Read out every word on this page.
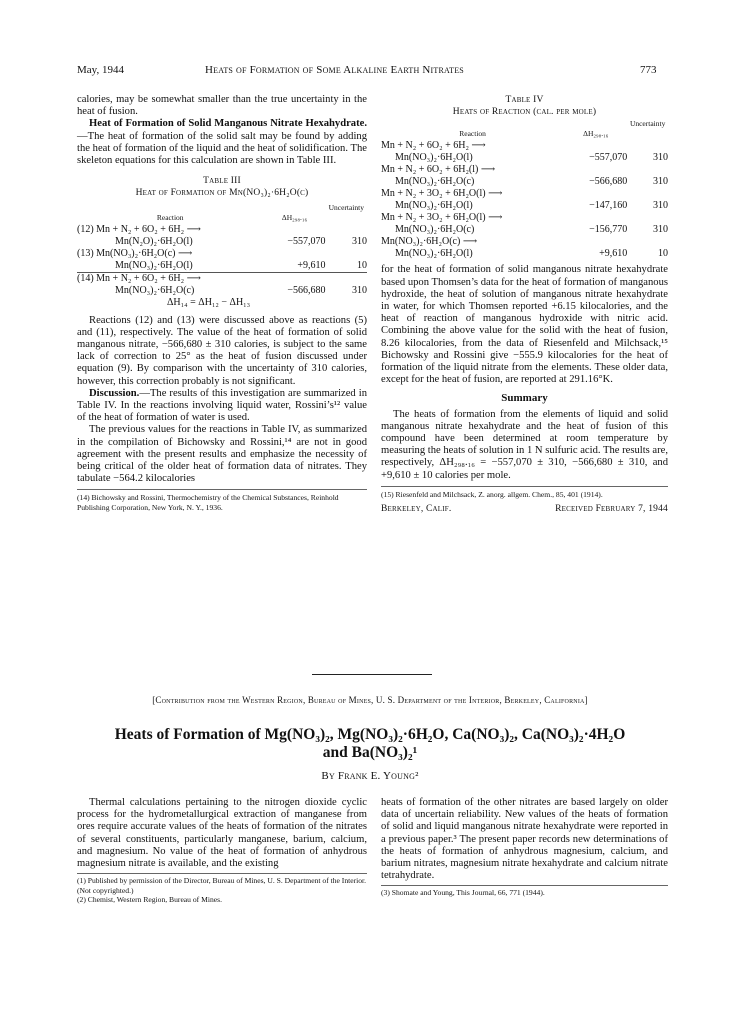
May, 1944	Heats of Formation of Some Alkaline Earth Nitrates	773

calories, may be somewhat smaller than the true uncertainty in the heat of fusion.

Heat of Formation of Solid Manganous Nitrate Hexahydrate.—The heat of formation of the solid salt may be found by adding the heat of formation of the liquid and the heat of solidification. The skeleton equations for this calculation are shown in Table III.

Table III
Heat of Formation of Mn(NO₃)₂·6H₂O(c)
Reaction	ΔH₂₉₈.₁₆	Uncertainty
(12) Mn + N₂ + 6O₂ + 6H₂ ⟶		
Mn(N₂O)₂·6H₂O(l)	−557,070	310
(13) Mn(NO₃)₂·6H₂O(c) ⟶		
Mn(NO₃)₂·6H₂O(l)	+9,610	10
(14) Mn + N₂ + 6O₂ + 6H₂ ⟶		
Mn(NO₃)₂·6H₂O(c)	−566,680	310
ΔH₁₄ = ΔH₁₂ − ΔH₁₃		

Reactions (12) and (13) were discussed above as reactions (5) and (11), respectively. The value of the heat of formation of solid manganous nitrate, −566,680 ± 310 calories, is subject to the same lack of correction to 25° as the heat of fusion discussed under equation (9). By comparison with the uncertainty of 310 calories, however, this correction probably is not significant.

Discussion.—The results of this investigation are summarized in Table IV. In the reactions involving liquid water, Rossini’s¹² value of the heat of formation of water is used.

The previous values for the reactions in Table IV, as summarized in the compilation of Bichowsky and Rossini,¹⁴ are not in good agreement with the present results and emphasize the necessity of being critical of the older heat of formation data of nitrates. They tabulate −564.2 kilocalories

(14) Bichowsky and Rossini, Thermochemistry of the Chemical Substances, Reinhold Publishing Corporation, New York, N. Y., 1936.

Table IV
Heats of Reaction (cal. per mole)
Reaction	ΔH₂₉₈.₁₆	Uncertainty
Mn + N₂ + 6O₂ + 6H₂ ⟶		
Mn(NO₃)₂·6H₂O(l)	−557,070	310
Mn + N₂ + 6O₂ + 6H₂(l) ⟶		
Mn(NO₃)₂·6H₂O(c)	−566,680	310
Mn + N₂ + 3O₂ + 6H₂O(l) ⟶		
Mn(NO₃)₂·6H₂O(l)	−147,160	310
Mn + N₂ + 3O₂ + 6H₂O(l) ⟶		
Mn(NO₃)₂·6H₂O(c)	−156,770	310
Mn(NO₃)₂·6H₂O(c) ⟶		
Mn(NO₃)₂·6H₂O(l)	+9,610	10

for the heat of formation of solid manganous nitrate hexahydrate based upon Thomsen’s data for the heat of formation of manganous hydroxide, the heat of solution of manganous nitrate hexahydrate in water, for which Thomsen reported +6.15 kilocalories, and the heat of reaction of manganous hydroxide with nitric acid. Combining the above value for the solid with the heat of fusion, 8.26 kilocalories, from the data of Riesenfeld and Milchsack,¹⁵ Bichowsky and Rossini give −555.9 kilocalories for the heat of formation of the liquid nitrate from the elements. These older data, except for the heat of fusion, are reported at 291.16°K.

Summary

The heats of formation from the elements of liquid and solid manganous nitrate hexahydrate and the heat of fusion of this compound have been determined at room temperature by measuring the heats of solution in 1 N sulfuric acid. The results are, respectively, ΔH₂₉₈.₁₆ = −557,070 ± 310, −566,680 ± 310, and +9,610 ± 10 calories per mole.

(15) Riesenfeld and Milchsack, Z. anorg. allgem. Chem., 85, 401 (1914).

Berkeley, Calif.	Received February 7, 1944
[Contribution from the Western Region, Bureau of Mines, U. S. Department of the Interior, Berkeley, California]
Heats of Formation of Mg(NO₃)₂, Mg(NO₃)₂·6H₂O, Ca(NO₃)₂, Ca(NO₃)₂·4H₂O
and Ba(NO₃)₂¹
By Frank E. Young²

Thermal calculations pertaining to the nitrogen dioxide cyclic process for the hydrometallurgical extraction of manganese from ores require accurate values of the heats of formation of the nitrates of several constituents, particularly manganese, barium, calcium, and magnesium. No value of the heat of formation of anhydrous magnesium nitrate is available, and the existing

(1) Published by permission of the Director, Bureau of Mines, U. S. Department of the Interior. (Not copyrighted.)

(2) Chemist, Western Region, Bureau of Mines.

heats of formation of the other nitrates are based largely on older data of uncertain reliability. New values of the heats of formation of solid and liquid manganous nitrate hexahydrate were reported in a previous paper.³ The present paper records new determinations of the heats of formation of anhydrous magnesium, calcium, and barium nitrates, magnesium nitrate hexahydrate and calcium nitrate tetrahydrate.

(3) Shomate and Young, This Journal, 66, 771 (1944).
